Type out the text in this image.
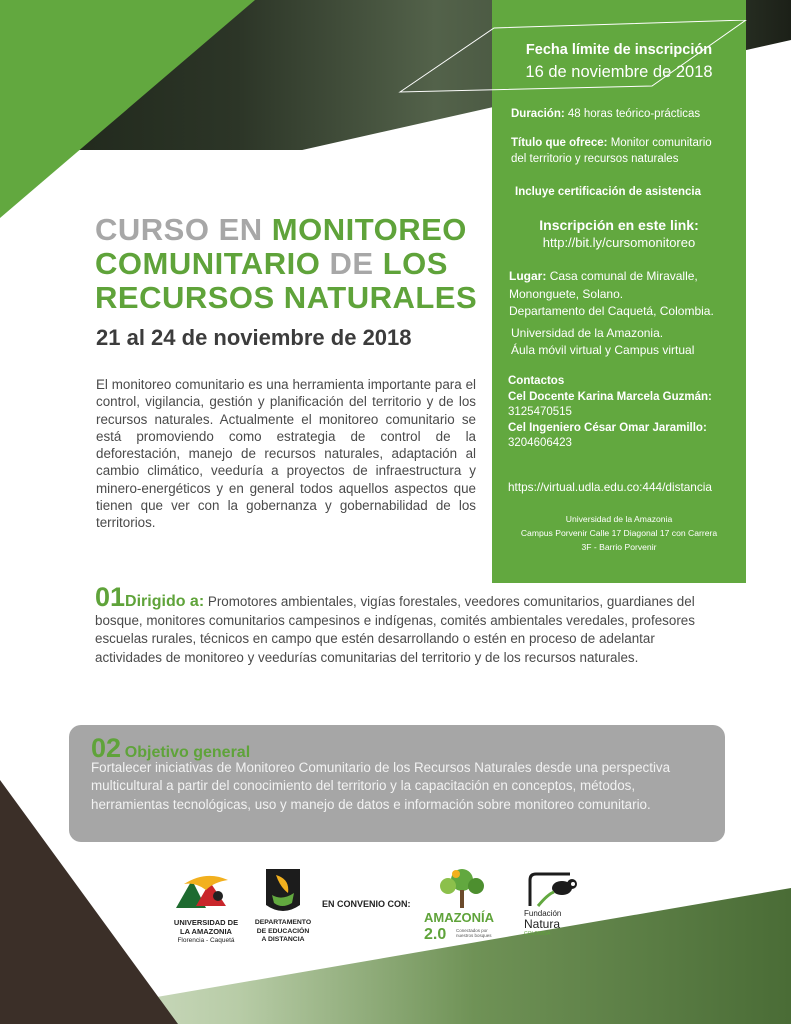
Fecha límite de inscripción
16 de noviembre de 2018
Duración: 48 horas teórico-prácticas
Título que ofrece: Monitor comunitario
del territorio y recursos naturales
Incluye certificación de asistencia
Inscripción en este link:
http://bit.ly/cursomonitoreo
Lugar: Casa comunal de Miravalle,
Mononguete, Solano.
Departamento del Caquetá, Colombia.
Universidad de la Amazonia.
Áula móvil virtual y Campus virtual
Contactos
Cel Docente Karina Marcela Guzmán:
3125470515
Cel Ingeniero César Omar Jaramillo:
3204606423
https://virtual.udla.edu.co:444/distancia
Universidad de la Amazonia
Campus Porvenir Calle 17 Diagonal 17 con Carrera
3F - Barrio Porvenir
CURSO EN MONITOREO
COMUNITARIO DE LOS
RECURSOS NATURALES
21 al 24 de noviembre de 2018
El monitoreo comunitario es una herramienta importante para el control, vigilancia, gestión y planificación del territorio y de los recursos naturales. Actualmente el monitoreo comunitario se está promoviendo como estrategia de control de la deforestación, manejo de recursos naturales, adaptación al cambio climático, veeduría a proyectos de infraestructura y minero-energéticos y en general todos aquellos aspectos que tienen que ver con la gobernanza y gobernabilidad de los territorios.
01Dirigido a: Promotores ambientales, vigías forestales, veedores comunitarios, guardianes del bosque, monitores comunitarios campesinos e indígenas, comités ambientales veredales, profesores escuelas rurales, técnicos en campo que estén desarrollando o estén en proceso de adelantar actividades de monitoreo y veedurías comunitarias del territorio y de los recursos naturales.
02 Objetivo general
Fortalecer iniciativas de Monitoreo Comunitario de los Recursos Naturales desde una perspectiva multicultural a partir del conocimiento del territorio y la capacitación en conceptos, métodos, herramientas tecnológicas, uso y manejo de datos e información sobre monitoreo comunitario.
UNIVERSIDAD DE
LA AMAZONIA
Florencia - Caquetá
DEPARTAMENTO
DE EDUCACIÓN
A DISTANCIA
EN CONVENIO CON:
AMAZONÍA
2.0 Conectados por nuestros bosques
Fundación
Natura
COLOMBIA
